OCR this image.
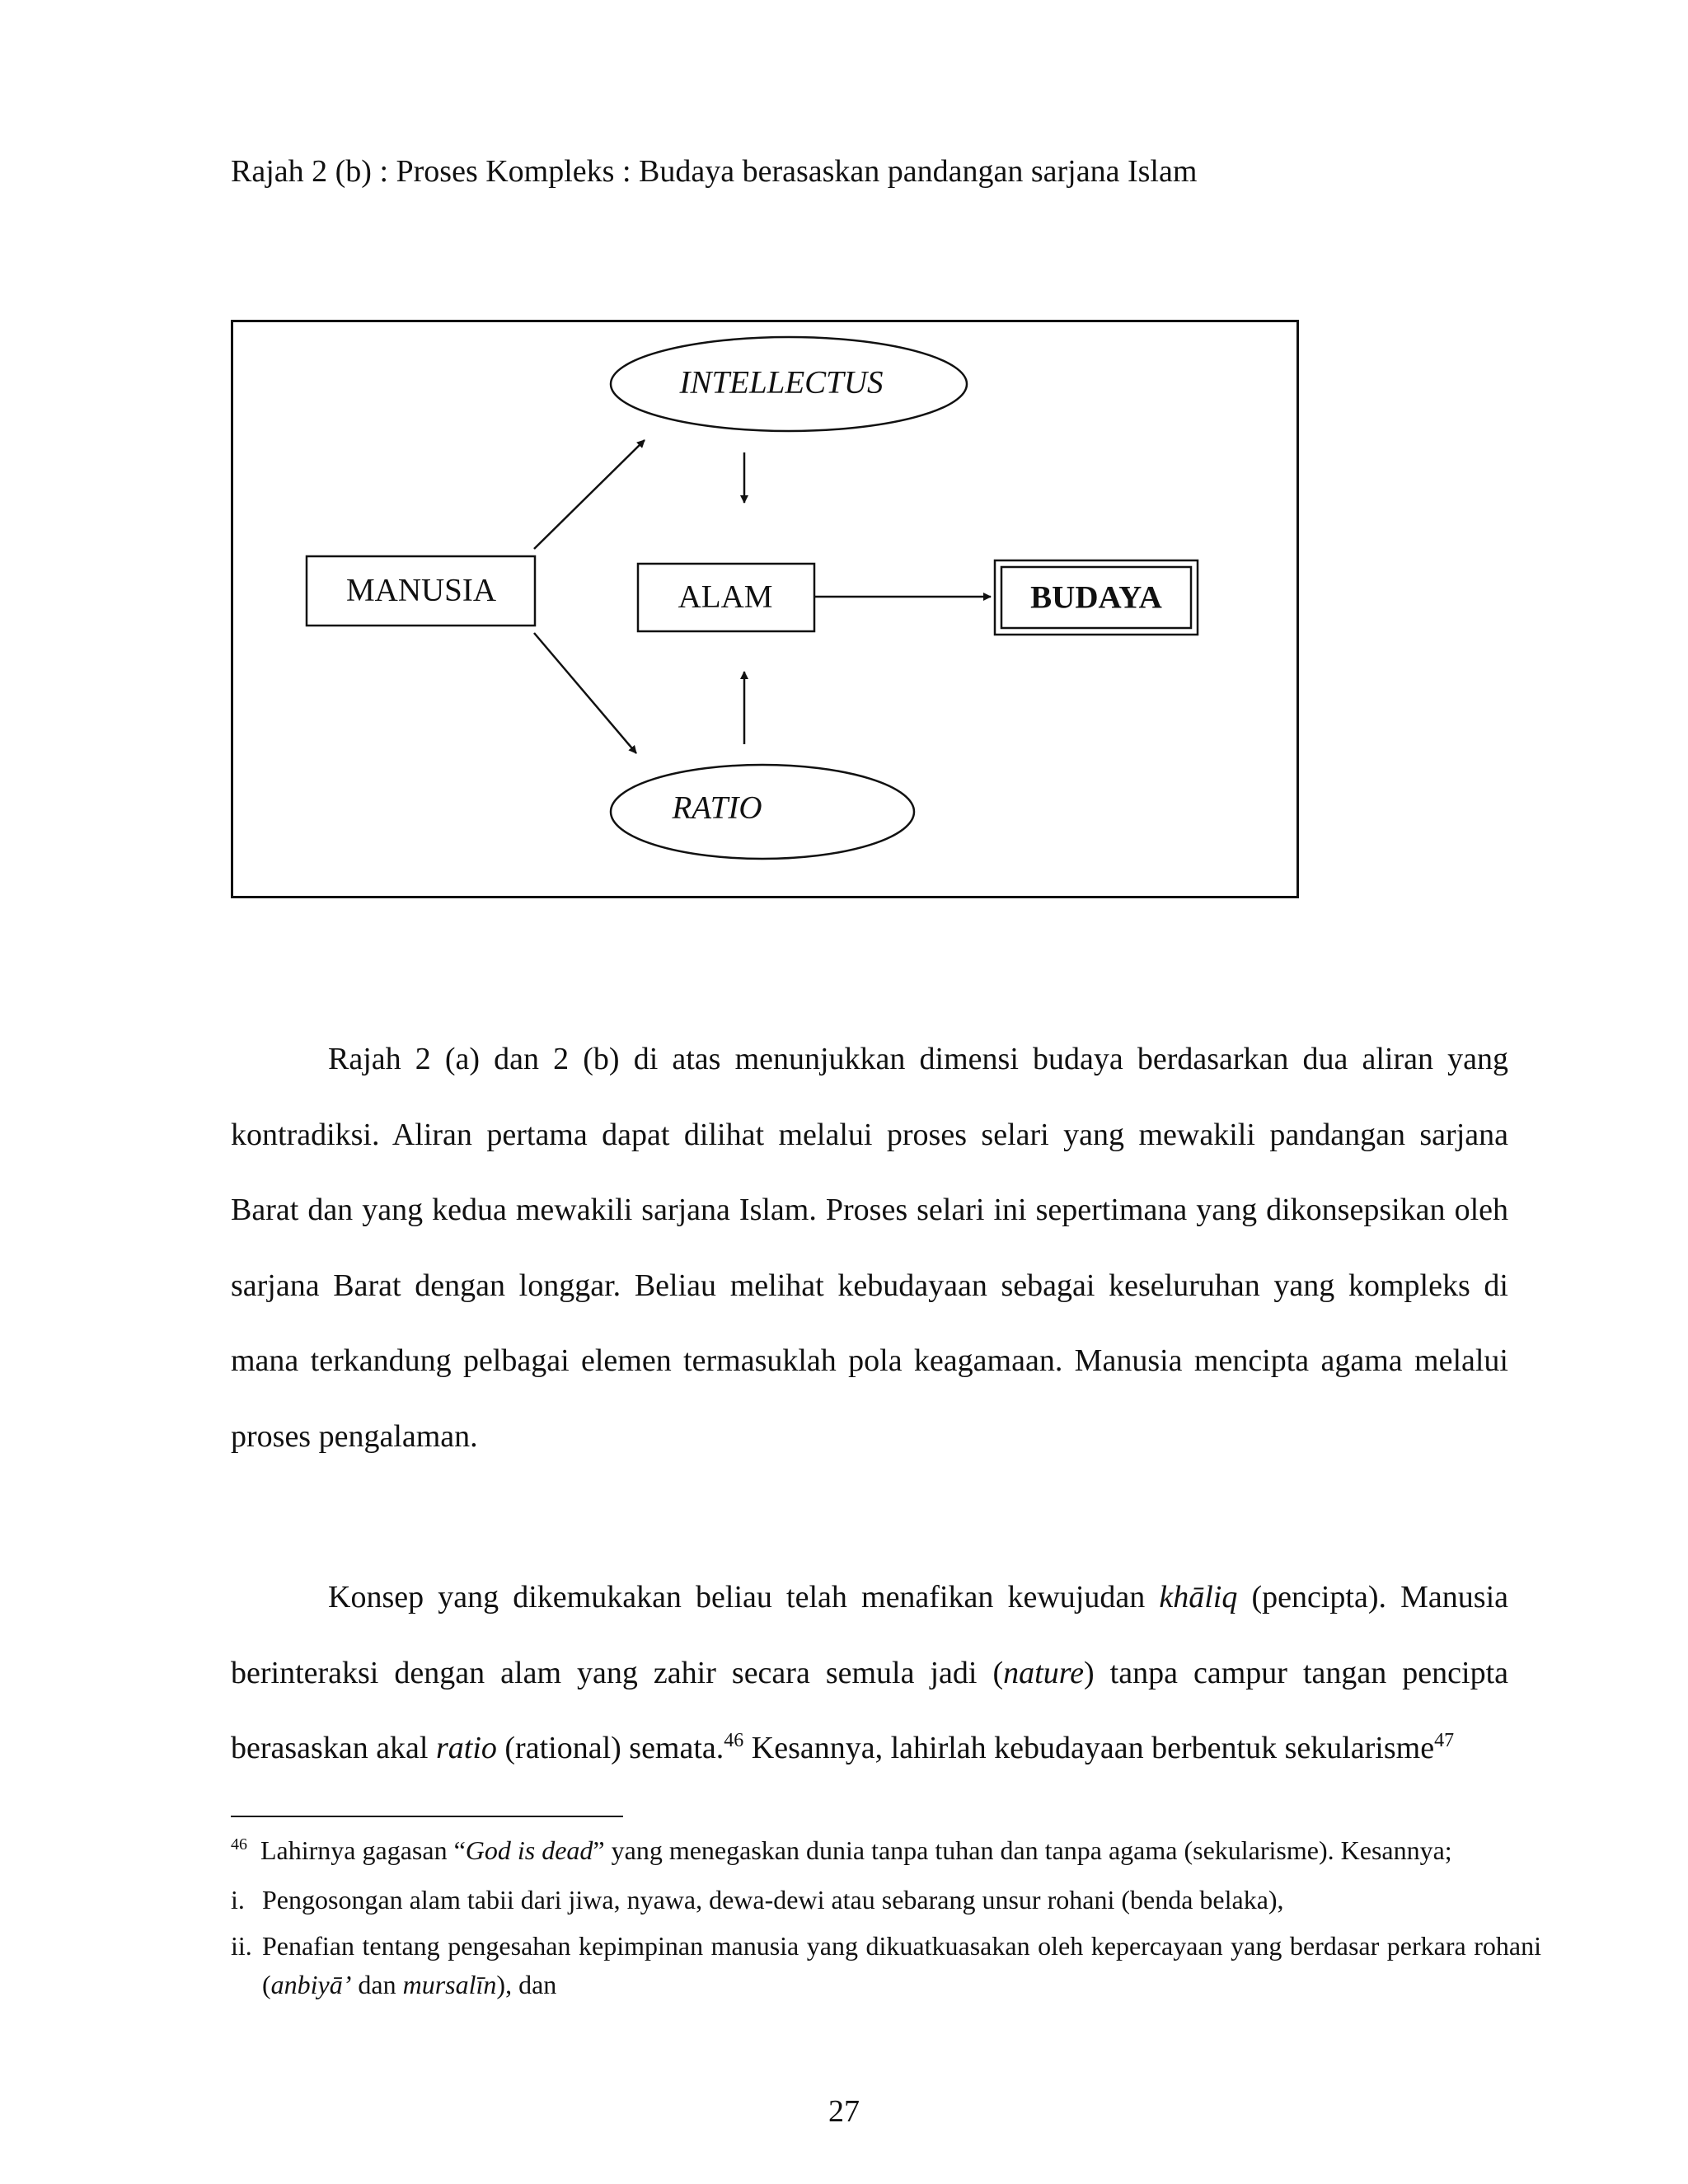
Rajah 2 (b) : Proses Kompleks : Budaya berasaskan pandangan sarjana Islam
INTELLECTUS
MANUSIA	ALAM	BUDAYA
RATIO
Rajah 2 (a) dan 2 (b) di atas menunjukkan dimensi budaya berdasarkan dua aliran yang kontradiksi. Aliran pertama dapat dilihat melalui proses selari yang mewakili pandangan sarjana Barat dan yang kedua mewakili sarjana Islam. Proses selari ini sepertimana yang dikonsepsikan oleh sarjana Barat dengan longgar. Beliau melihat kebudayaan sebagai keseluruhan yang kompleks di mana terkandung pelbagai elemen termasuklah pola keagamaan. Manusia mencipta agama melalui proses pengalaman.
Konsep yang dikemukakan beliau telah menafikan kewujudan khāliq (pencipta). Manusia berinteraksi dengan alam yang zahir secara semula jadi (nature) tanpa campur tangan pencipta berasaskan akal ratio (rational) semata.$^{46}$ Kesannya, lahirlah kebudayaan berbentuk sekularisme$^{47}$
$^{46}$ Lahirnya gagasan “God is dead” yang menegaskan dunia tanpa tuhan dan tanpa agama (sekularisme). Kesannya;
i. Pengosongan alam tabii dari jiwa, nyawa, dewa-dewi atau sebarang unsur rohani (benda belaka),
ii. Penafian tentang pengesahan kepimpinan manusia yang dikuatkuasakan oleh kepercayaan yang berdasar perkara rohani (anbiyā’ dan mursalīn), dan
27
